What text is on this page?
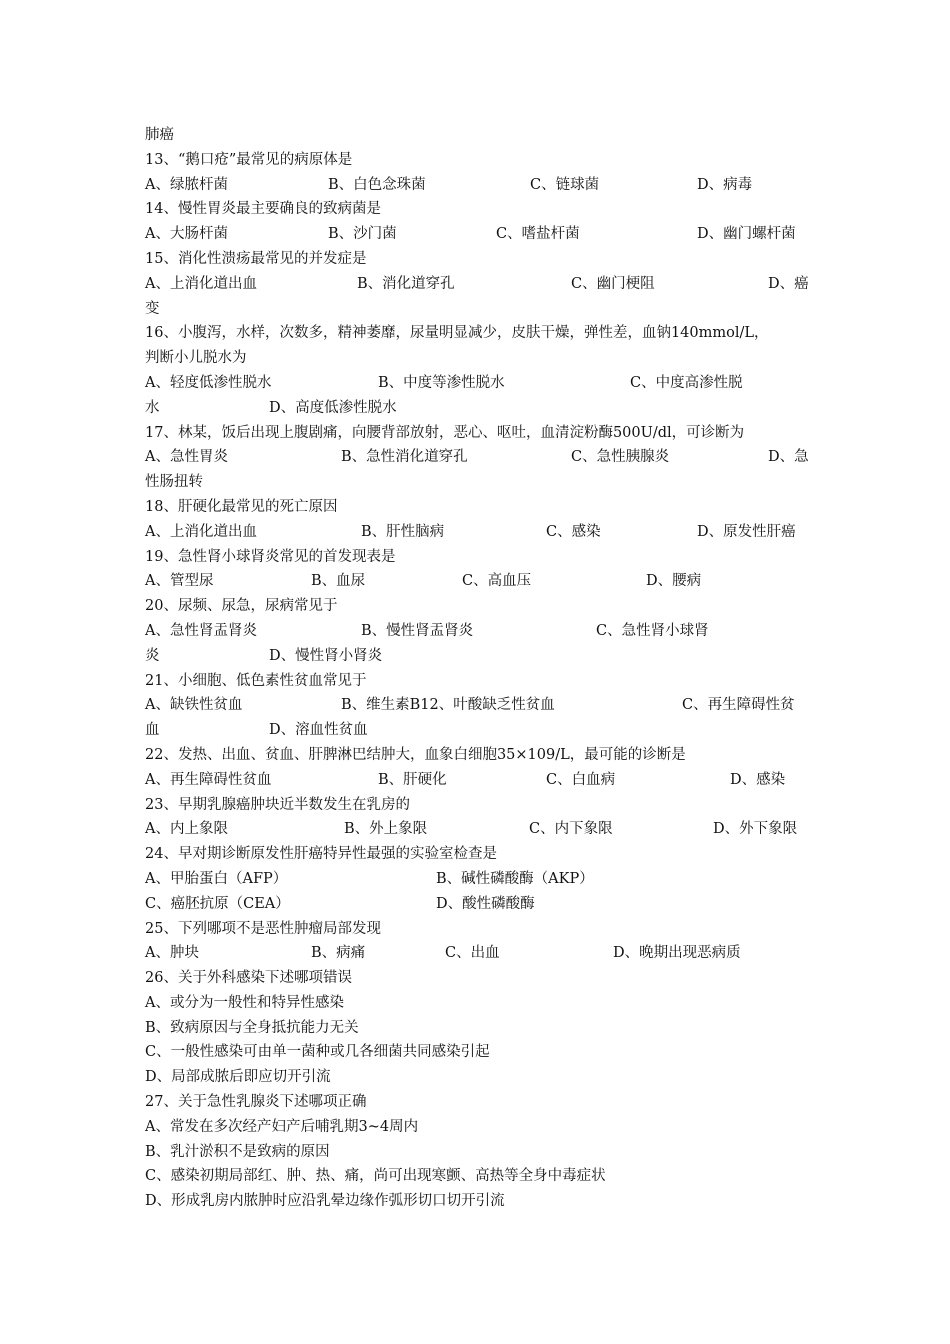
肺癌
13、“鹅口疮”最常见的病原体是
A、绿脓杆菌	B、白色念珠菌	C、链球菌	D、病毒
14、慢性胃炎最主要确良的致病菌是
A、大肠杆菌	B、沙门菌	C、嗜盐杆菌	D、幽门螺杆菌
15、消化性溃疡最常见的并发症是
A、上消化道出血	B、消化道穿孔	C、幽门梗阻	D、癌
变
16、小腹泻，水样，次数多，精神萎靡，尿量明显减少，皮肤干燥，弹性差，血钠140mmol/L，
判断小儿脱水为
A、轻度低渗性脱水	B、中度等渗性脱水	C、中度高渗性脱
水	D、高度低渗性脱水
17、林某，饭后出现上腹剧痛，向腰背部放射，恶心、呕吐，血清淀粉酶500U/dl，可诊断为
A、急性胃炎	B、急性消化道穿孔	C、急性胰腺炎	D、急
性肠扭转
18、肝硬化最常见的死亡原因
A、上消化道出血	B、肝性脑病	C、感染	D、原发性肝癌
19、急性肾小球肾炎常见的首发现表是
A、管型尿	B、血尿	C、高血压	D、腰病
20、尿频、尿急，尿病常见于
A、急性肾盂肾炎	B、慢性肾盂肾炎	C、急性肾小球肾
炎	D、慢性肾小肾炎
21、小细胞、低色素性贫血常见于
A、缺铁性贫血	B、维生素B12、叶酸缺乏性贫血	C、再生障碍性贫
血	D、溶血性贫血
22、发热、出血、贫血、肝脾淋巴结肿大，血象白细胞35×109/L，最可能的诊断是
A、再生障碍性贫血	B、肝硬化	C、白血病	D、感染
23、早期乳腺癌肿块近半数发生在乳房的
A、内上象限	B、外上象限	C、内下象限	D、外下象限
24、早对期诊断原发性肝癌特异性最强的实验室检查是
A、甲胎蛋白（AFP）	B、碱性磷酸酶（AKP）
C、癌胚抗原（CEA）	D、酸性磷酸酶
25、下列哪项不是恶性肿瘤局部发现
A、肿块	B、病痛	C、出血	D、晚期出现恶病质
26、关于外科感染下述哪项错误
A、或分为一般性和特异性感染
B、致病原因与全身抵抗能力无关
C、一般性感染可由单一菌种或几各细菌共同感染引起
D、局部成脓后即应切开引流
27、关于急性乳腺炎下述哪项正确
A、常发在多次经产妇产后哺乳期3~4周内
B、乳汁淤积不是致病的原因
C、感染初期局部红、肿、热、痛，尚可出现寒颤、高热等全身中毒症状
D、形成乳房内脓肿时应沿乳晕边缘作弧形切口切开引流
